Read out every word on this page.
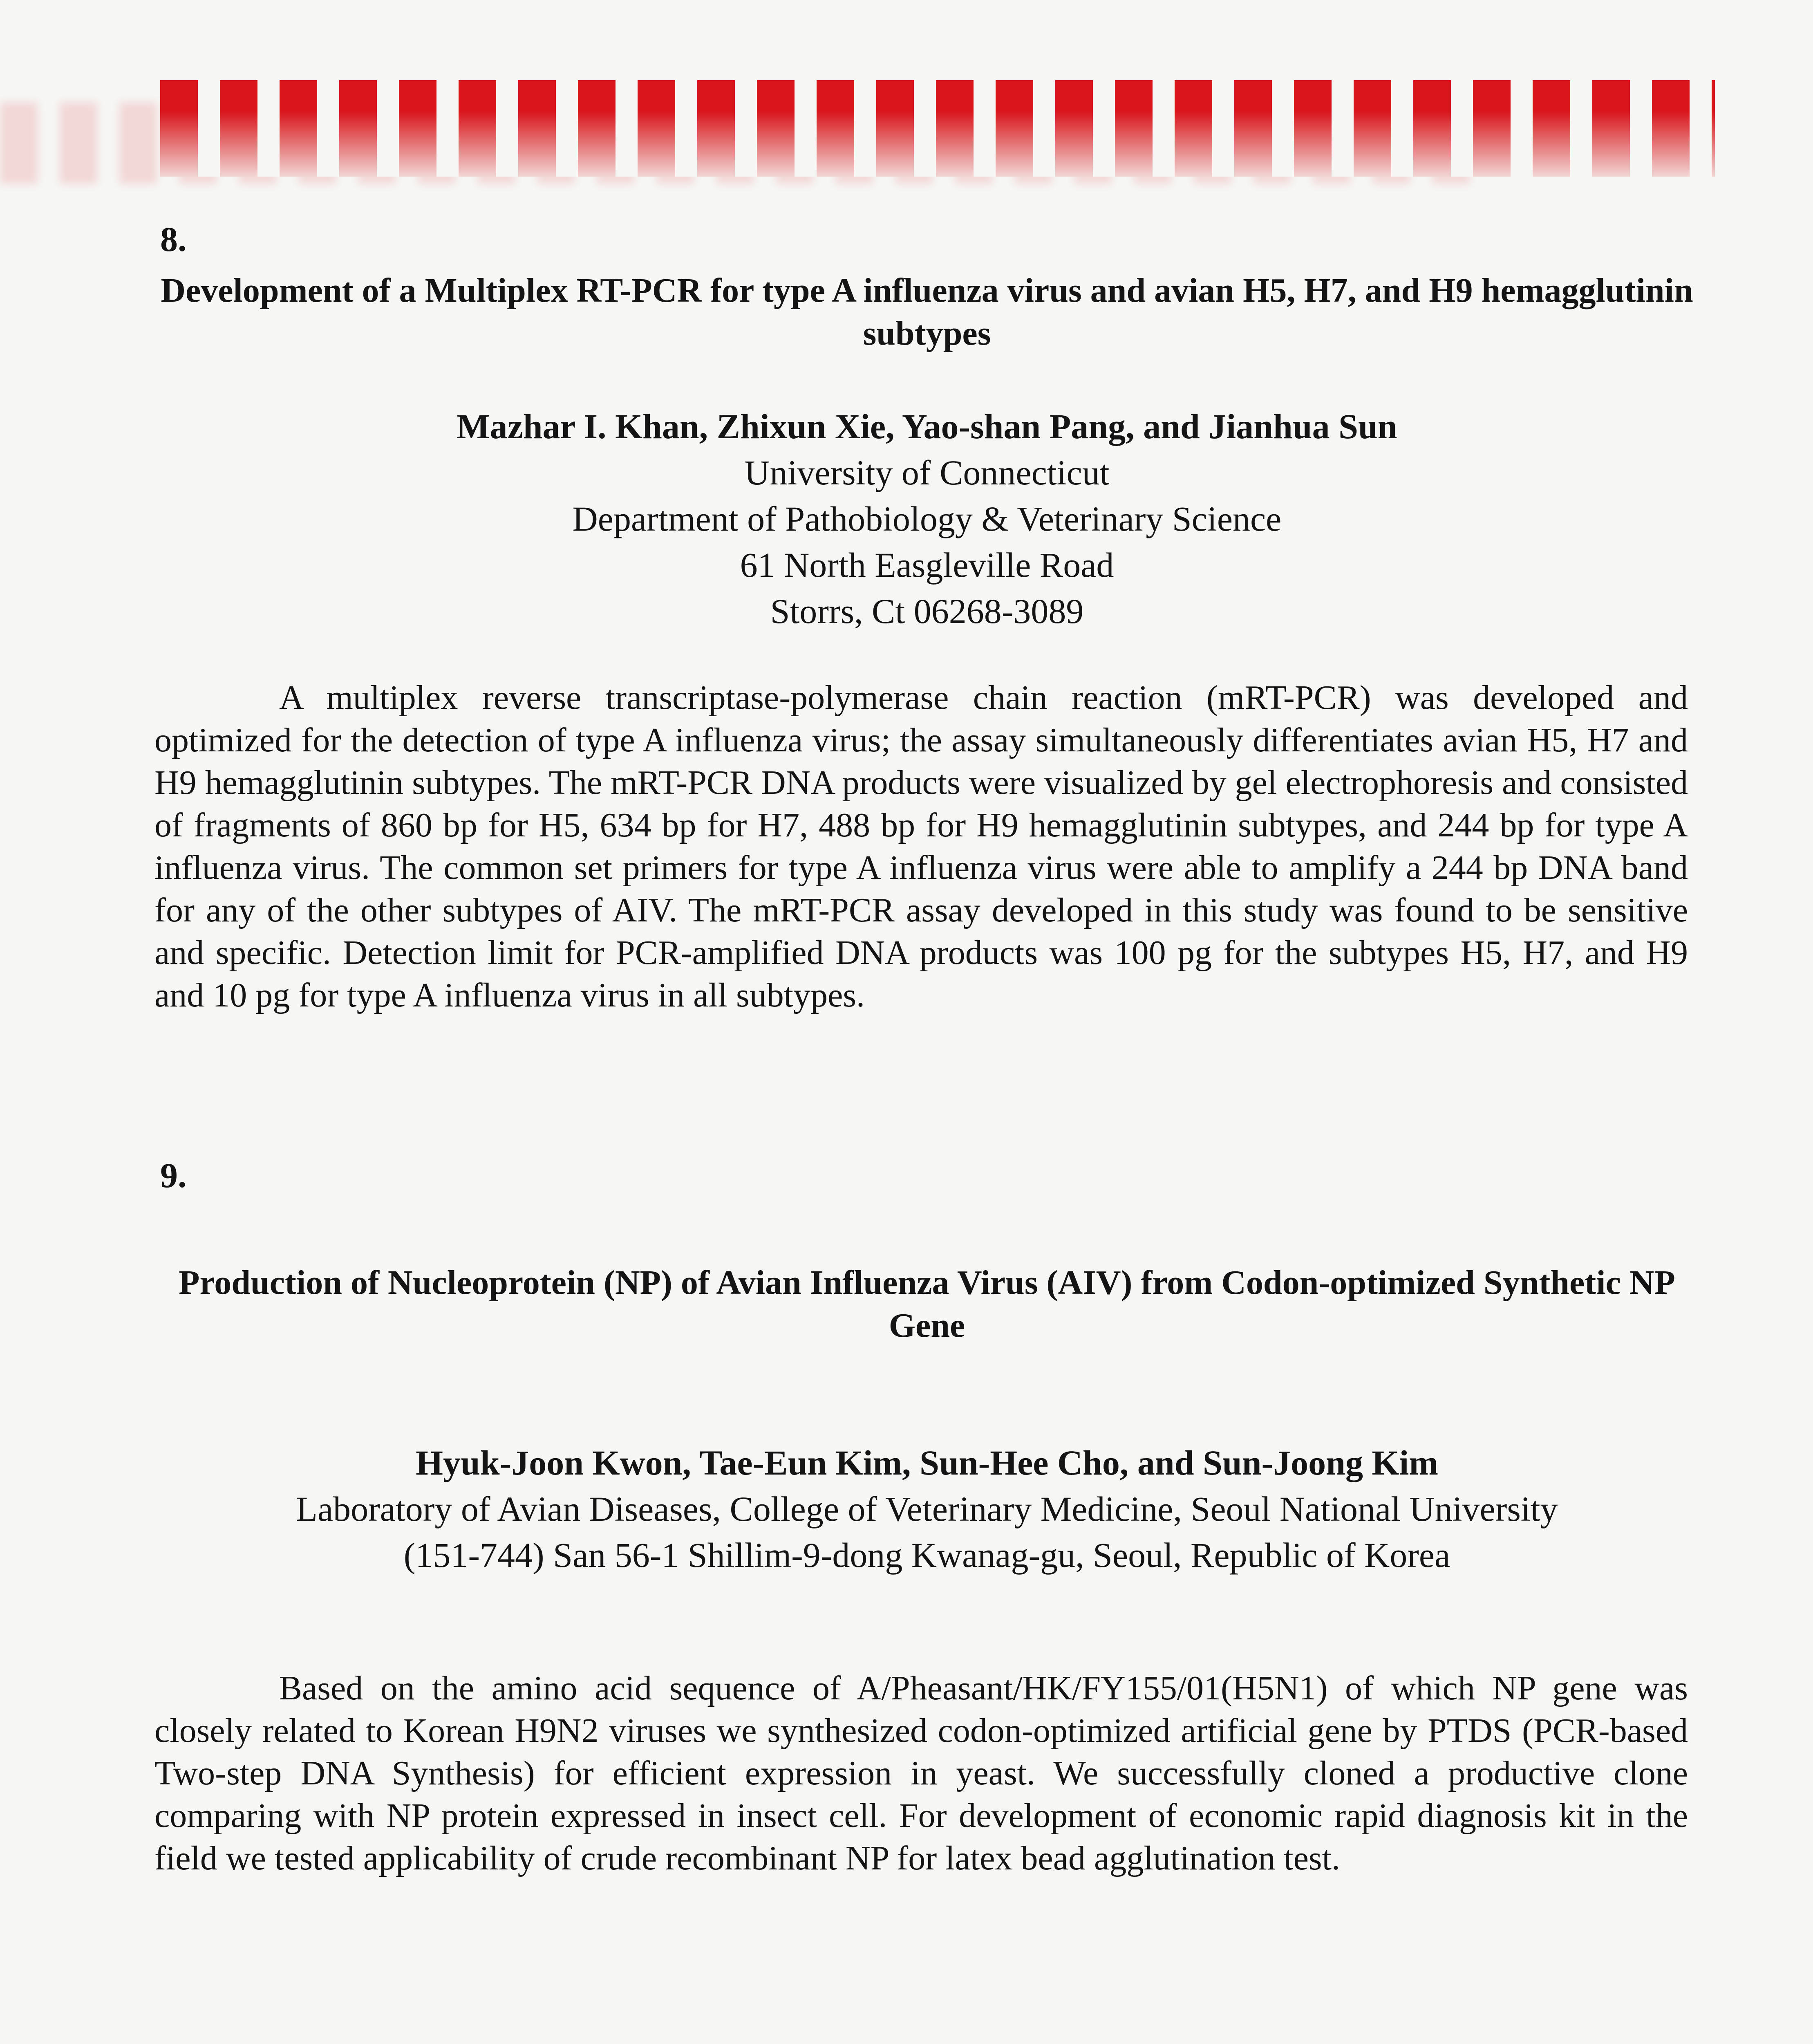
8.
Development of a Multiplex RT-PCR for type A influenza virus and avian H5, H7, and H9 hemagglutinin subtypes
Mazhar I. Khan, Zhixun Xie, Yao-shan Pang, and Jianhua Sun
University of Connecticut
Department of Pathobiology & Veterinary Science
61 North Easgleville Road
Storrs, Ct 06268-3089

A multiplex reverse transcriptase-polymerase chain reaction (mRT-PCR) was developed and optimized for the detection of type A influenza virus; the assay simultaneously differentiates avian H5, H7 and H9 hemagglutinin subtypes. The mRT-PCR DNA products were visualized by gel electrophoresis and consisted of fragments of 860 bp for H5, 634 bp for H7, 488 bp for H9 hemagglutinin subtypes, and 244 bp for type A influenza virus. The common set primers for type A influenza virus were able to amplify a 244 bp DNA band for any of the other subtypes of AIV. The mRT-PCR assay developed in this study was found to be sensitive and specific. Detection limit for PCR-amplified DNA products was 100 pg for the subtypes H5, H7, and H9 and 10 pg for type A influenza virus in all subtypes.

9.
Production of Nucleoprotein (NP) of Avian Influenza Virus (AIV) from Codon-optimized Synthetic NP Gene
Hyuk-Joon Kwon, Tae-Eun Kim, Sun-Hee Cho, and Sun-Joong Kim
Laboratory of Avian Diseases, College of Veterinary Medicine, Seoul National University
(151-744) San 56-1 Shillim-9-dong Kwanag-gu, Seoul, Republic of Korea

Based on the amino acid sequence of A/Pheasant/HK/FY155/01(H5N1) of which NP gene was closely related to Korean H9N2 viruses we synthesized codon-optimized artificial gene by PTDS (PCR-based Two-step DNA Synthesis) for efficient expression in yeast. We successfully cloned a productive clone comparing with NP protein expressed in insect cell. For development of economic rapid diagnosis kit in the field we tested applicability of crude recombinant NP for latex bead agglutination test.
